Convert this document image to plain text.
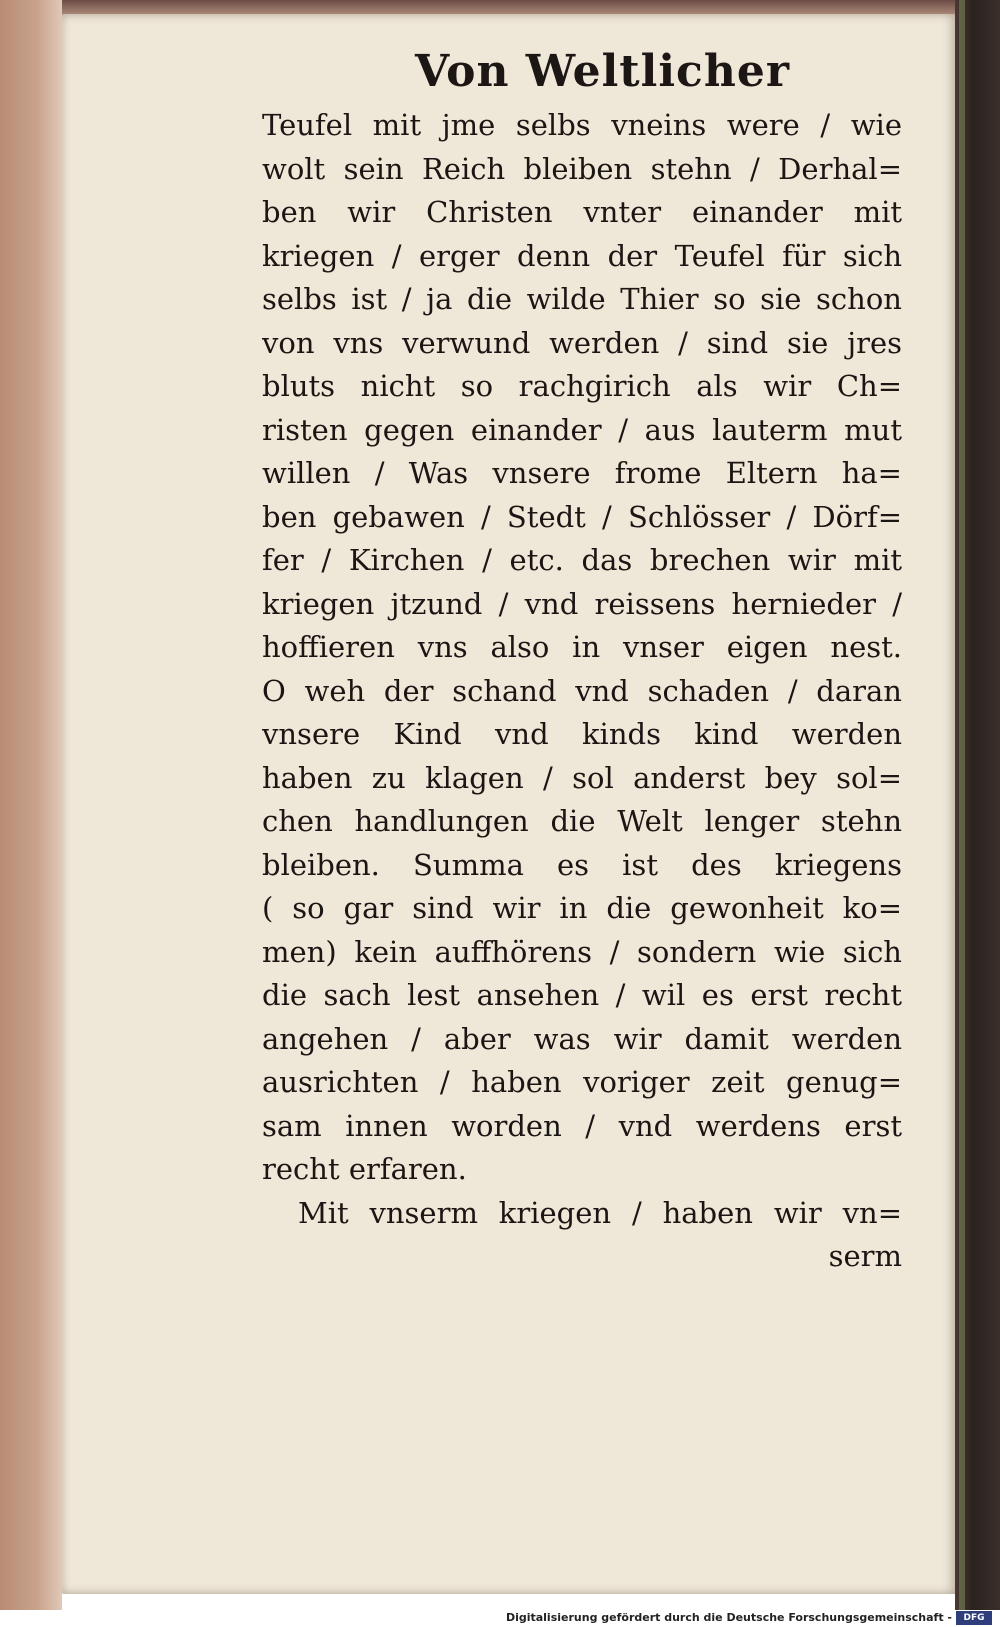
Von Weltlicher
Teufel mit jme selbs vneins were / wie
wolt sein Reich bleiben stehn / Derhal=
ben wir Christen vnter einander mit
kriegen / erger denn der Teufel für sich
selbs ist / ja die wilde Thier so sie schon
von vns verwund werden / sind sie jres
bluts nicht so rachgirich als wir Ch=
risten gegen einander / aus lauterm mut
willen / Was vnsere frome Eltern ha=
ben gebawen / Stedt / Schlösser / Dörf=
fer / Kirchen / etc. das brechen wir mit
kriegen jtzund / vnd reissens hernieder /
hoffieren vns also in vnser eigen nest.
O weh der schand vnd schaden / daran
vnsere Kind vnd kinds kind werden
haben zu klagen / sol anderst bey sol=
chen handlungen die Welt lenger stehn
bleiben. Summa es ist des kriegens
( so gar sind wir in die gewonheit ko=
men) kein auffhörens / sondern wie sich
die sach lest ansehen / wil es erst recht
angehen / aber was wir damit werden
ausrichten / haben voriger zeit genug=
sam innen worden / vnd werdens erst
recht erfaren.
Mit vnserm kriegen / haben wir vn=
serm
Digitalisierung gefördert durch die Deutsche Forschungsgemeinschaft -	DFG
